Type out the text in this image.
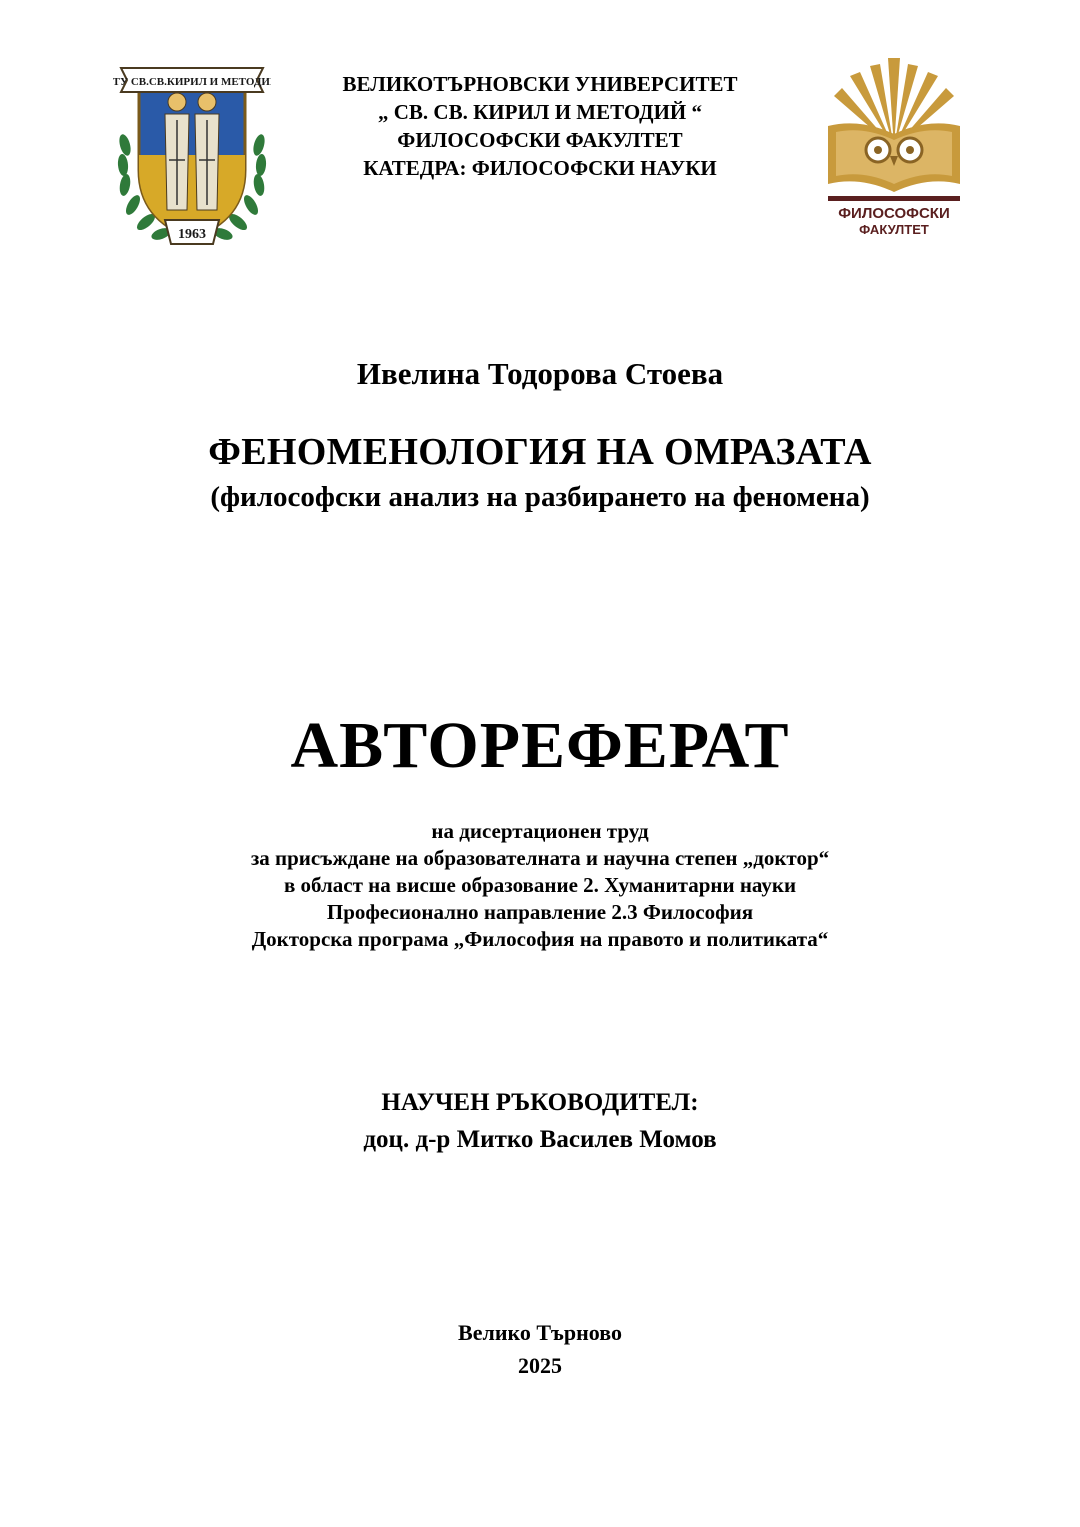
ВТУ СВ.СВ.КИРИЛ И МЕТОДИЙ
1963
ВЕЛИКОТЪРНОВСКИ УНИВЕРСИТЕТ
„ СВ. СВ. КИРИЛ И МЕТОДИЙ “
ФИЛОСОФСКИ ФАКУЛТЕТ
КАТЕДРА: ФИЛОСОФСКИ НАУКИ
ФИЛОСОФСКИ
ФАКУЛТЕТ
Ивелина Тодорова Стоева
ФЕНОМЕНОЛОГИЯ НА ОМРАЗАТА
(философски анализ на разбирането на феномена)
АВТОРЕФЕРАТ
на дисертационен труд
за присъждане на образователната и научна степен „доктор“
в област на висше образование 2. Хуманитарни науки
Професионално направление 2.3 Философия
Докторска програма „Философия на правото и политиката“
НАУЧЕН РЪКОВОДИТЕЛ:
доц. д-р Митко Василев Момов
Велико Търново
2025
